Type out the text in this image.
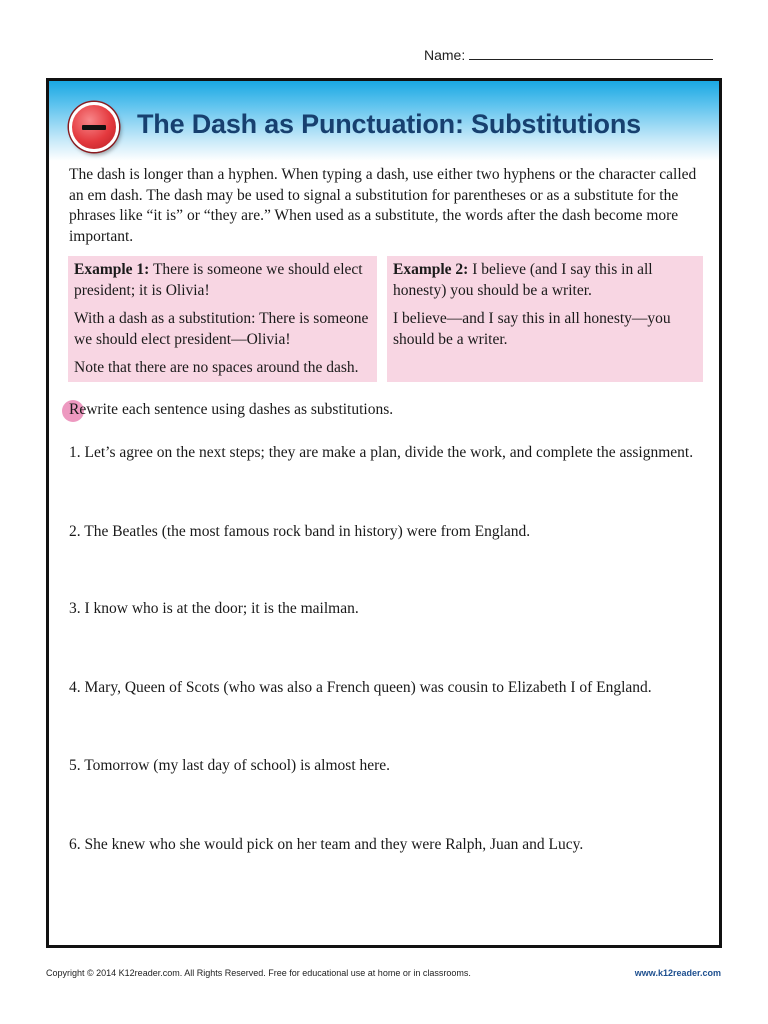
Name:
The Dash as Punctuation: Substitutions
The dash is longer than a hyphen. When typing a dash, use either two hyphens or the character called an em dash. The dash may be used to signal a substitution for parentheses or as a substitute for the phrases like “it is” or “they are.” When used as a substitute, the words after the dash become more important.

Example 1: There is someone we should elect president; it is Olivia!

With a dash as a substitution: There is someone we should elect president—Olivia!

Note that there are no spaces around the dash.

Example 2: I believe (and I say this in all honesty) you should be a writer.

I believe—and I say this in all honesty—you should be a writer.

Rewrite each sentence using dashes as substitutions.
1. Let’s agree on the next steps; they are make a plan, divide the work, and complete the assignment.
2. The Beatles (the most famous rock band in history) were from England.
3. I know who is at the door; it is the mailman.
4. Mary, Queen of Scots (who was also a French queen) was cousin to Elizabeth I of England.
5. Tomorrow (my last day of school) is almost here.
6. She knew who she would pick on her team and they were Ralph, Juan and Lucy.
Copyright © 2014 K12reader.com. All Rights Reserved. Free for educational use at home or in classrooms.	www.k12reader.com
